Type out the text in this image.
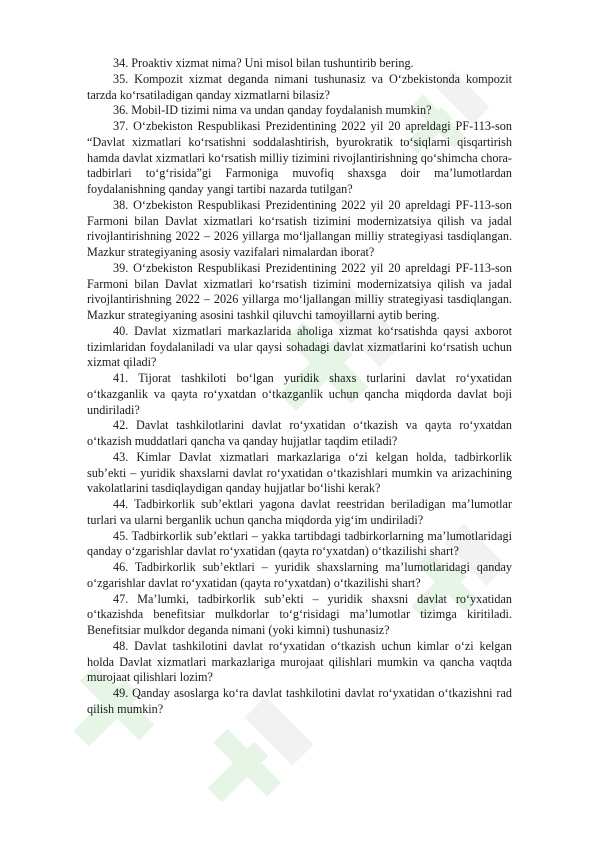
34. Proaktiv xizmat nima? Uni misol bilan tushuntirib bering.

35. Kompozit xizmat deganda nimani tushunasiz va O‘zbekistonda kompozit tarzda ko‘rsatiladigan qanday xizmatlarni bilasiz?

36. Mobil-ID tizimi nima va undan qanday foydalanish mumkin?

37. O‘zbekiston Respublikasi Prezidentining 2022 yil 20 apreldagi PF-113-son “Davlat xizmatlari ko‘rsatishni soddalashtirish, byurokratik to‘siqlarni qisqartirish hamda davlat xizmatlari ko‘rsatish milliy tizimini rivojlantirishning qo‘shimcha chora-tadbirlari to‘g‘risida”gi Farmoniga muvofiq shaxsga doir ma’lumotlardan foydalanishning qanday yangi tartibi nazarda tutilgan?

38. O‘zbekiston Respublikasi Prezidentining 2022 yil 20 apreldagi PF-113-son Farmoni bilan Davlat xizmatlari ko‘rsatish tizimini modernizatsiya qilish va jadal rivojlantirishning 2022 – 2026 yillarga mo‘ljallangan milliy strategiyasi tasdiqlangan. Mazkur strategiyaning asosiy vazifalari nimalardan iborat?

39. O‘zbekiston Respublikasi Prezidentining 2022 yil 20 apreldagi PF-113-son Farmoni bilan Davlat xizmatlari ko‘rsatish tizimini modernizatsiya qilish va jadal rivojlantirishning 2022 – 2026 yillarga mo‘ljallangan milliy strategiyasi tasdiqlangan. Mazkur strategiyaning asosini tashkil qiluvchi tamoyillarni aytib bering.

40. Davlat xizmatlari markazlarida aholiga xizmat ko‘rsatishda qaysi axborot tizimlaridan foydalaniladi va ular qaysi sohadagi davlat xizmatlarini ko‘rsatish uchun xizmat qiladi?

41. Tijorat tashkiloti bo‘lgan yuridik shaxs turlarini davlat ro‘yxatidan o‘tkazganlik va qayta ro‘yxatdan o‘tkazganlik uchun qancha miqdorda davlat boji undiriladi?

42. Davlat tashkilotlarini davlat ro‘yxatidan o‘tkazish va qayta ro‘yxatdan o‘tkazish muddatlari qancha va qanday hujjatlar taqdim etiladi?

43. Kimlar Davlat xizmatlari markazlariga o‘zi kelgan holda, tadbirkorlik sub’ekti – yuridik shaxslarni davlat ro‘yxatidan o‘tkazishlari mumkin va arizachining vakolatlarini tasdiqlaydigan qanday hujjatlar bo‘lishi kerak?

44. Tadbirkorlik sub’ektlari yagona davlat reestridan beriladigan ma’lumotlar turlari va ularni berganlik uchun qancha miqdorda yig‘im undiriladi?

45. Tadbirkorlik sub’ektlari – yakka tartibdagi tadbirkorlarning ma’lumotlaridagi qanday o‘zgarishlar davlat ro‘yxatidan (qayta ro‘yxatdan) o‘tkazilishi shart?

46. Tadbirkorlik sub’ektlari – yuridik shaxslarning ma’lumotlaridagi qanday o‘zgarishlar davlat ro‘yxatidan (qayta ro‘yxatdan) o‘tkazilishi shart?

47. Ma’lumki, tadbirkorlik sub’ekti – yuridik shaxsni davlat ro‘yxatidan o‘tkazishda benefitsiar mulkdorlar to‘g‘risidagi ma’lumotlar tizimga kiritiladi. Benefitsiar mulkdor deganda nimani (yoki kimni) tushunasiz?

48. Davlat tashkilotini davlat ro‘yxatidan o‘tkazish uchun kimlar o‘zi kelgan holda Davlat xizmatlari markazlariga murojaat qilishlari mumkin va qancha vaqtda murojaat qilishlari lozim?

49. Qanday asoslarga ko‘ra davlat tashkilotini davlat ro‘yxatidan o‘tkazishni rad qilish mumkin?
